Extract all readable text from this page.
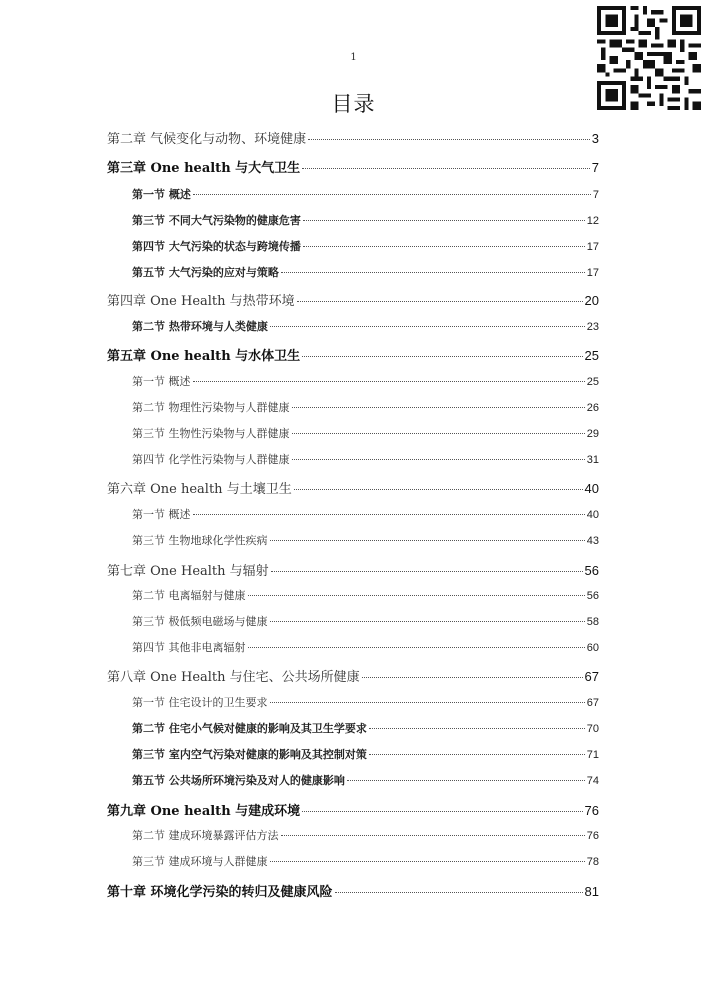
1
目录
第二章 气候变化与动物、环境健康	3
第三章 One health 与大气卫生	7
第一节 概述	7
第三节 不同大气污染物的健康危害	12
第四节 大气污染的状态与跨境传播	17
第五节 大气污染的应对与策略	17
第四章 One Health 与热带环境	20
第二节 热带环境与人类健康	23
第五章 One health 与水体卫生	25
第一节 概述	25
第二节 物理性污染物与人群健康	26
第三节 生物性污染物与人群健康	29
第四节 化学性污染物与人群健康	31
第六章 One health 与土壤卫生	40
第一节 概述	40
第三节 生物地球化学性疾病	43
第七章 One Health 与辐射	56
第二节 电离辐射与健康	56
第三节 极低频电磁场与健康	58
第四节 其他非电离辐射	60
第八章 One Health 与住宅、公共场所健康	67
第一节 住宅设计的卫生要求	67
第二节 住宅小气候对健康的影响及其卫生学要求	70
第三节 室内空气污染对健康的影响及其控制对策	71
第五节 公共场所环境污染及对人的健康影响	74
第九章 One health 与建成环境	76
第二节 建成环境暴露评估方法	76
第三节 建成环境与人群健康	78
第十章 环境化学污染的转归及健康风险	81
